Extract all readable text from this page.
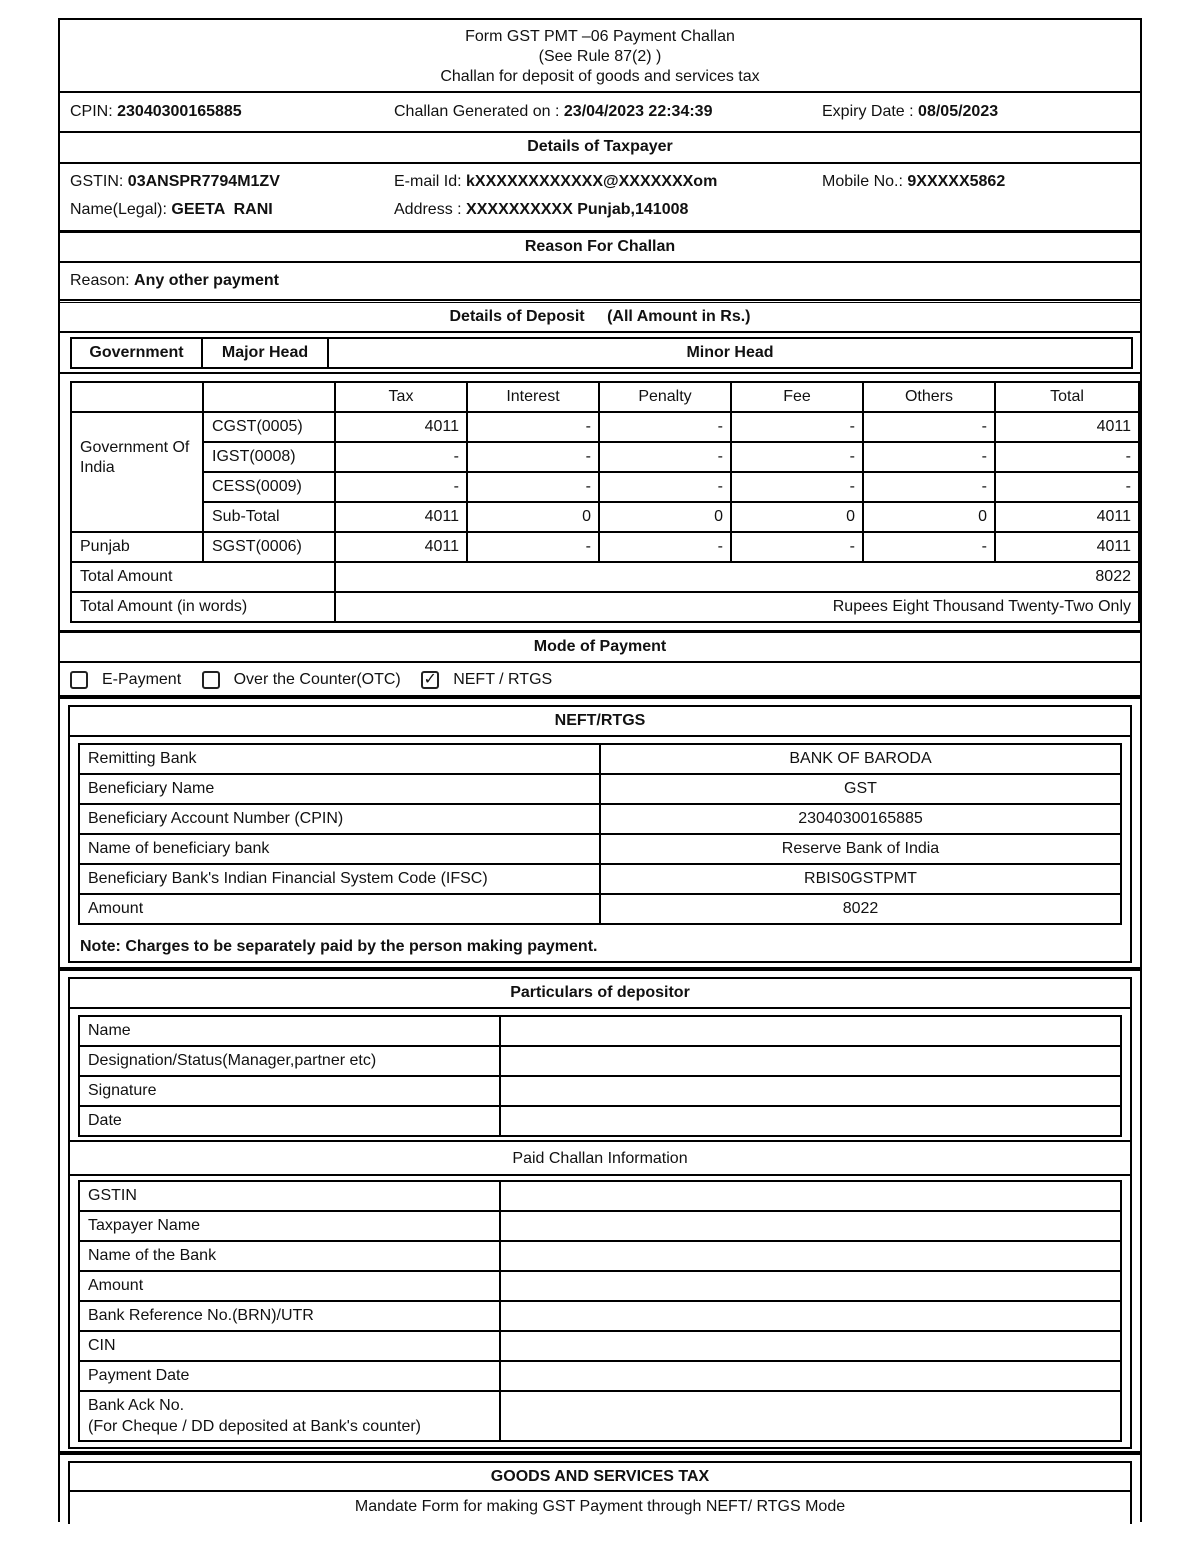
Form GST PMT –06 Payment Challan
(See Rule 87(2) )
Challan for deposit of goods and services tax
CPIN: 23040300165885	Challan Generated on : 23/04/2023 22:34:39	Expiry Date : 08/05/2023
Details of Taxpayer
GSTIN: 03ANSPR7794M1ZV	E-mail Id: kXXXXXXXXXXXX@XXXXXXXom	Mobile No.: 9XXXXX5862
Name(Legal): GEETA  RANI	Address : XXXXXXXXXX Punjab,141008
Reason For Challan
Reason: Any other payment
Details of Deposit (All Amount in Rs.)
Government	Major Head	Minor Head
		Tax	Interest	Penalty	Fee	Others	Total
Government Of India	CGST(0005)	4011	-	-	-	-	4011
	IGST(0008)	-	-	-	-	-	-
	CESS(0009)	-	-	-	-	-	-
	Sub-Total	4011	0	0	0	0	4011
Punjab	SGST(0006)	4011	-	-	-	-	4011
Total Amount		8022					
Total Amount (in words)		Rupees Eight Thousand Twenty-Two Only					
Mode of Payment
E-Payment	Over the Counter(OTC) ✓ NEFT / RTGS
NEFT/RTGS
Remitting Bank	BANK OF BARODA
Beneficiary Name	GST
Beneficiary Account Number (CPIN)	23040300165885
Name of beneficiary bank	Reserve Bank of India
Beneficiary Bank's Indian Financial System Code (IFSC)	RBIS0GSTPMT
Amount	8022
Note: Charges to be separately paid by the person making payment.
Particulars of depositor
Name	
Designation/Status(Manager,partner etc)	
Signature	
Date	
Paid Challan Information
GSTIN	
Taxpayer Name	
Name of the Bank	
Amount	
Bank Reference No.(BRN)/UTR	
CIN	
Payment Date	

Bank Ack No.
(For Cheque / DD deposited at Bank's counter)	

GOODS AND SERVICES TAX
Mandate Form for making GST Payment through NEFT/ RTGS Mode
